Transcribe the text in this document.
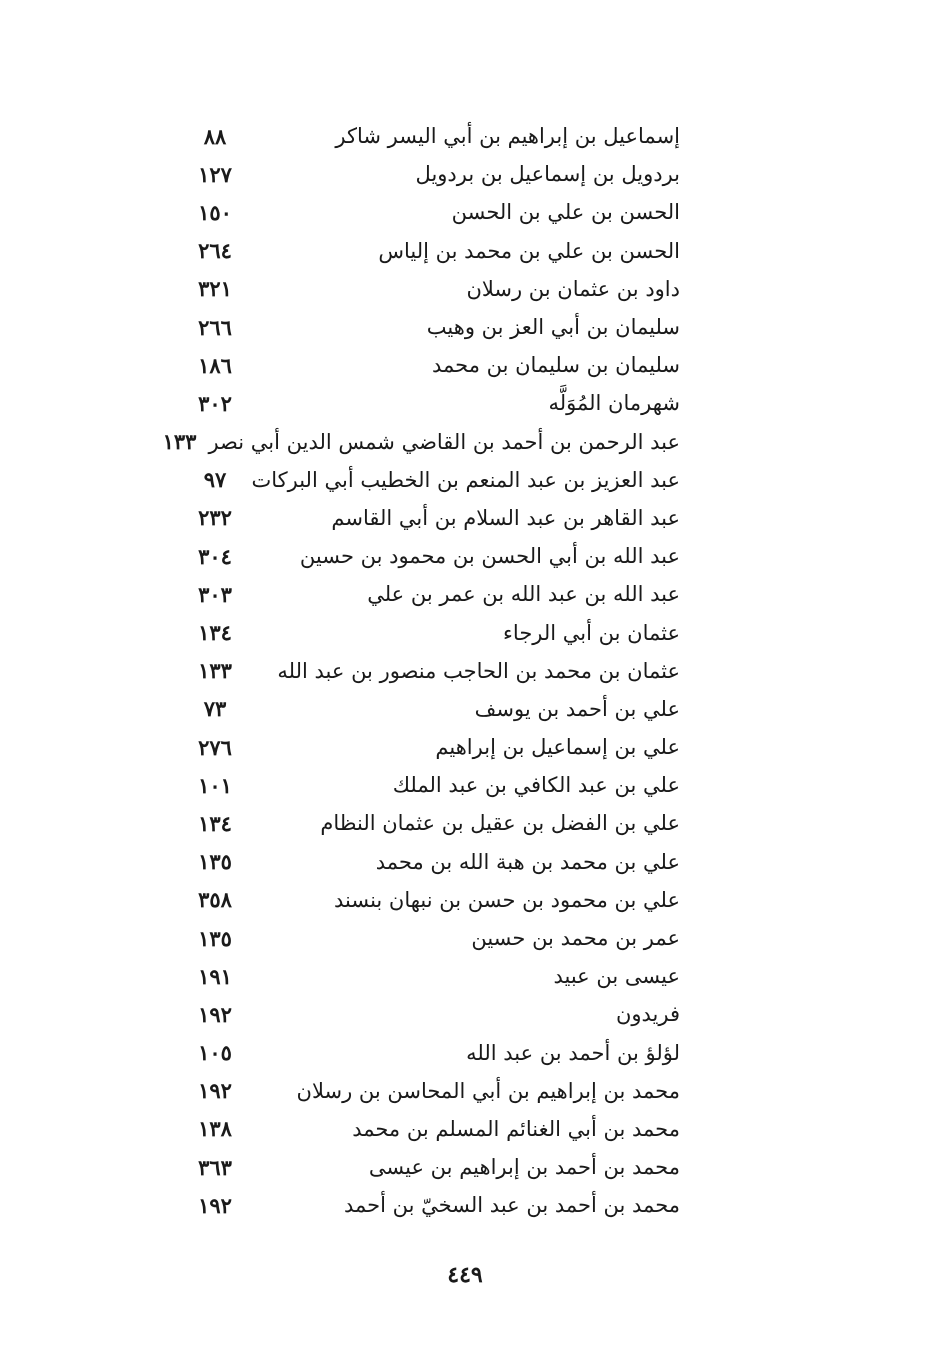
إسماعيل بن إبراهيم بن أبي اليسر شاكر
٨٨
بردويل بن إسماعيل بن بردويل
١٢٧
الحسن بن علي بن الحسن
١٥٠
الحسن بن علي بن محمد بن إلياس
٢٦٤
داود بن عثمان بن رسلان
٣٢١
سليمان بن أبي العز بن وهيب
٢٦٦
سليمان بن سليمان بن محمد
١٨٦
شهرمان المُوَلَّه
٣٠٢
عبد الرحمن بن أحمد بن القاضي شمس الدين أبي نصر
١٣٣
عبد العزيز بن عبد المنعم بن الخطيب أبي البركات
٩٧
عبد القاهر بن عبد السلام بن أبي القاسم
٢٣٢
عبد الله بن أبي الحسن بن محمود بن حسين
٣٠٤
عبد الله بن عبد الله بن عمر بن علي
٣٠٣
عثمان بن أبي الرجاء
١٣٤
عثمان بن محمد بن الحاجب منصور بن عبد الله
١٣٣
علي بن أحمد بن يوسف
٧٣
علي بن إسماعيل بن إبراهيم
٢٧٦
علي بن عبد الكافي بن عبد الملك
١٠١
علي بن الفضل بن عقيل بن عثمان النظام
١٣٤
علي بن محمد بن هبة الله بن محمد
١٣٥
علي بن محمود بن حسن بن نبهان بنسند
٣٥٨
عمر بن محمد بن حسين
١٣٥
عيسى بن عبيد
١٩١
فريدون
١٩٢
لؤلؤ بن أحمد بن عبد الله
١٠٥
محمد بن إبراهيم بن أبي المحاسن بن رسلان
١٩٢
محمد بن أبي الغنائم المسلم بن محمد
١٣٨
محمد بن أحمد بن إبراهيم بن عيسى
٣٦٣
محمد بن أحمد بن عبد السخيّ بن أحمد
١٩٢
٤٤٩
